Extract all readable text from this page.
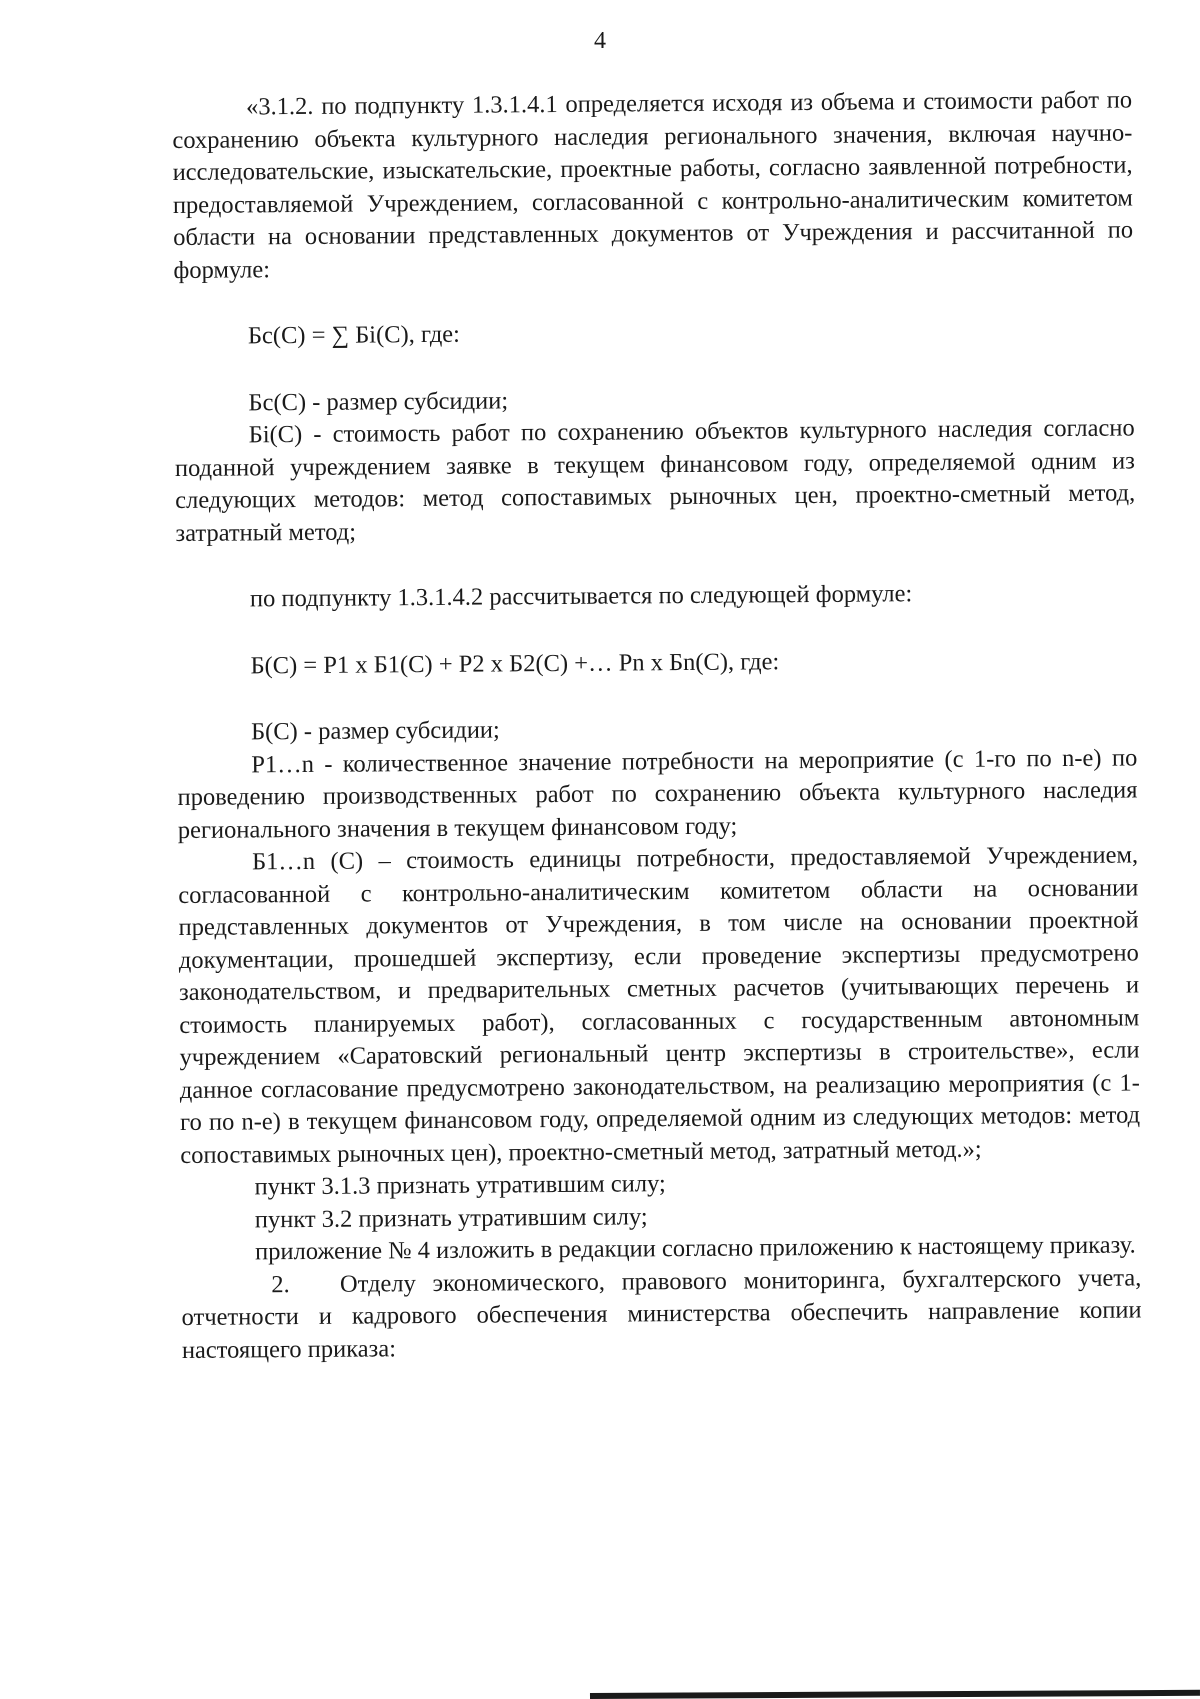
4

«3.1.2. по подпункту 1.3.1.4.1 определяется исходя из объема и стоимости работ по сохранению объекта культурного наследия регионального значения, включая научно-исследовательские, изыскательские, проектные работы, согласно заявленной потребности, предоставляемой Учреждением, согласованной с контрольно-аналитическим комитетом области на основании представленных документов от Учреждения и рассчитанной по формуле:

Бс(С) = ∑ Бi(С), где:

Бс(С) - размер субсидии;

Бi(С) - стоимость работ по сохранению объектов культурного наследия согласно поданной учреждением заявке в текущем финансовом году, определяемой одним из следующих методов: метод сопоставимых рыночных цен, проектно-сметный метод, затратный метод;

по подпункту 1.3.1.4.2 рассчитывается по следующей формуле:

Б(С) = Р1 х Б1(С) + Р2 х Б2(С) +… Pn х Бn(С), где:

Б(С) - размер субсидии;

Р1…n - количественное значение потребности на мероприятие (с 1-го по n-е) по проведению производственных работ по сохранению объекта культурного наследия регионального значения в текущем финансовом году;

Б1…n (С) – стоимость единицы потребности, предоставляемой Учреждением, согласованной с контрольно-аналитическим комитетом области на основании представленных документов от Учреждения, в том числе на основании проектной документации, прошедшей экспертизу, если проведение экспертизы предусмотрено законодательством, и предварительных сметных расчетов (учитывающих перечень и стоимость планируемых работ), согласованных с государственным автономным учреждением «Саратовский региональный центр экспертизы в строительстве», если данное согласование предусмотрено законодательством, на реализацию мероприятия (с 1-го по n-е) в текущем финансовом году, определяемой одним из следующих методов: метод сопоставимых рыночных цен), проектно-сметный метод, затратный метод.»;

пункт 3.1.3 признать утратившим силу;

пункт 3.2 признать утратившим силу;

приложение № 4 изложить в редакции согласно приложению к настоящему приказу.

2.   Отделу экономического, правового мониторинга, бухгалтерского учета, отчетности и кадрового обеспечения министерства обеспечить направление копии настоящего приказа:
